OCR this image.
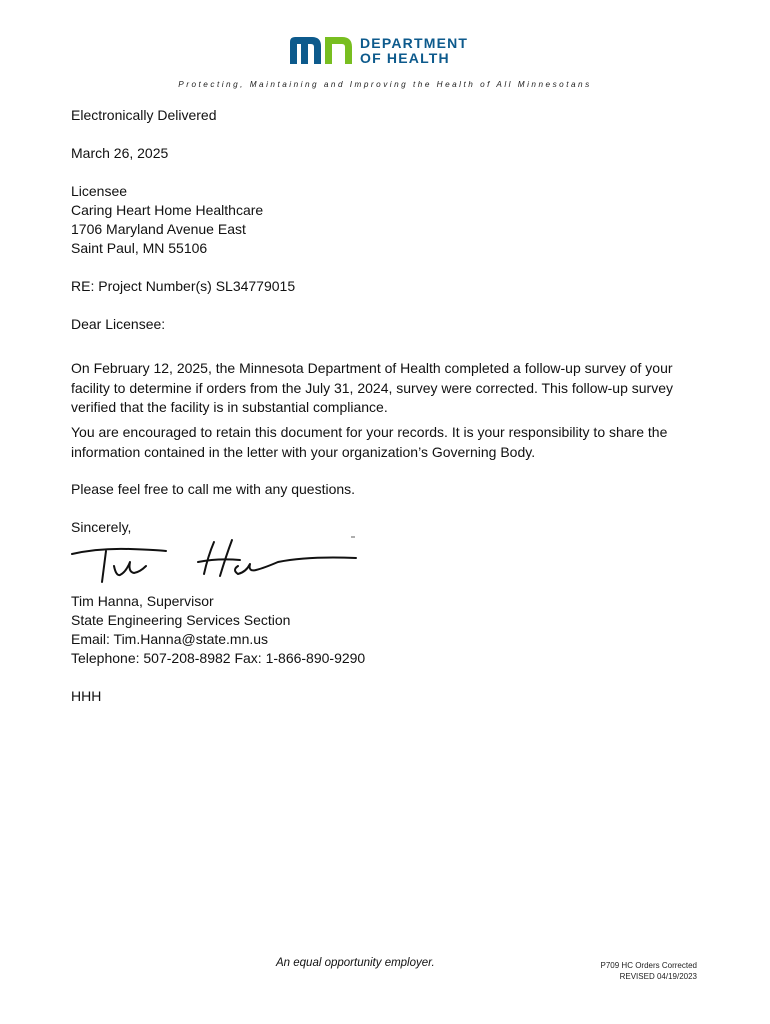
DEPARTMENT
OF HEALTH
Protecting, Maintaining and Improving the Health of All Minnesotans
Electronically Delivered
March 26, 2025
Licensee
Caring Heart Home Healthcare
1706 Maryland Avenue East
Saint Paul, MN 55106
RE: Project Number(s) SL34779015
Dear Licensee:
On February 12, 2025, the Minnesota Department of Health completed a follow-up survey of your facility to determine if orders from the July 31, 2024, survey were corrected. This follow-up survey verified that the facility is in substantial compliance.
You are encouraged to retain this document for your records. It is your responsibility to share the information contained in the letter with your organization’s Governing Body.
Please feel free to call me with any questions.
Sincerely,
Tim Hanna, Supervisor
State Engineering Services Section
Email: Tim.Hanna@state.mn.us
Telephone: 507-208-8982 Fax: 1-866-890-9290
HHH
An equal opportunity employer.	P709 HC Orders Corrected
REVISED 04/19/2023
